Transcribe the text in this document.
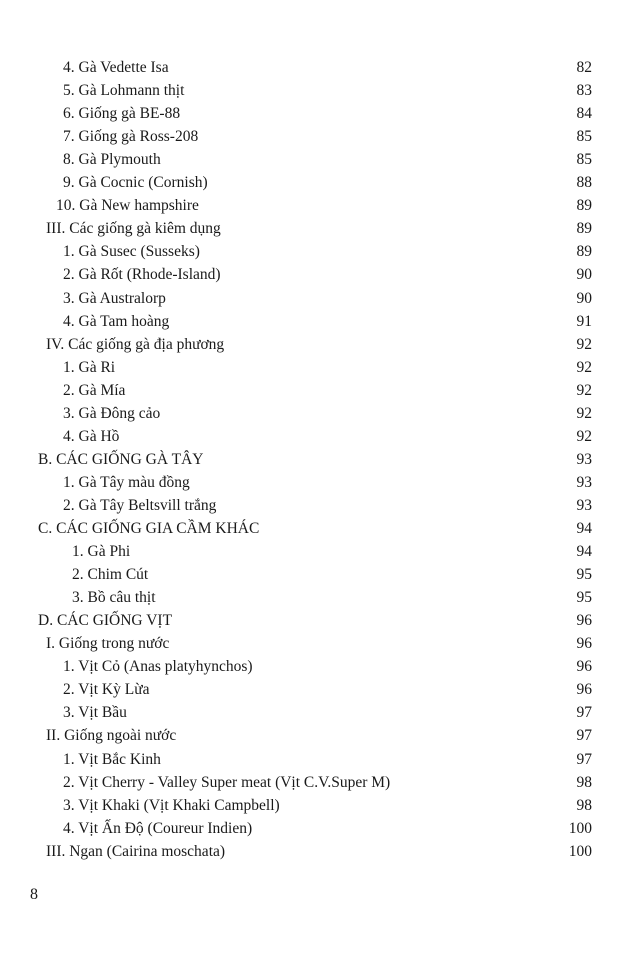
4. Gà Vedette Isa	82
5. Gà Lohmann thịt	83
6. Giống gà BE-88	84
7. Giống gà Ross-208	85
8. Gà Plymouth	85
9. Gà Cocnic (Cornish)	88
10. Gà New hampshire	89
III. Các giống gà kiêm dụng	89
1. Gà Susec (Susseks)	89
2. Gà Rốt (Rhode-Island)	90
3. Gà Australorp	90
4. Gà Tam hoàng	91
IV. Các giống gà địa phương	92
1. Gà Ri	92
2. Gà Mía	92
3. Gà Đông cảo	92
4. Gà Hồ	92
B. CÁC GIỐNG GÀ TÂY	93
1. Gà Tây màu đồng	93
2. Gà Tây Beltsvill trắng	93
C. CÁC GIỐNG GIA CẦM KHÁC	94
1. Gà Phi	94
2. Chim Cút	95
3. Bồ câu thịt	95
D. CÁC GIỐNG VỊT	96
I. Giống trong nước	96
1. Vịt Cỏ (Anas platyhynchos)	96
2. Vịt Kỳ Lừa	96
3. Vịt Bầu	97
II. Giống ngoài nước	97
1. Vịt Bắc Kinh	97
2. Vịt Cherry - Valley Super meat (Vịt C.V.Super M)	98
3. Vịt Khaki (Vịt Khaki Campbell)	98
4. Vịt Ấn Độ (Coureur Indien)	100
III. Ngan (Cairina moschata)	100
8
